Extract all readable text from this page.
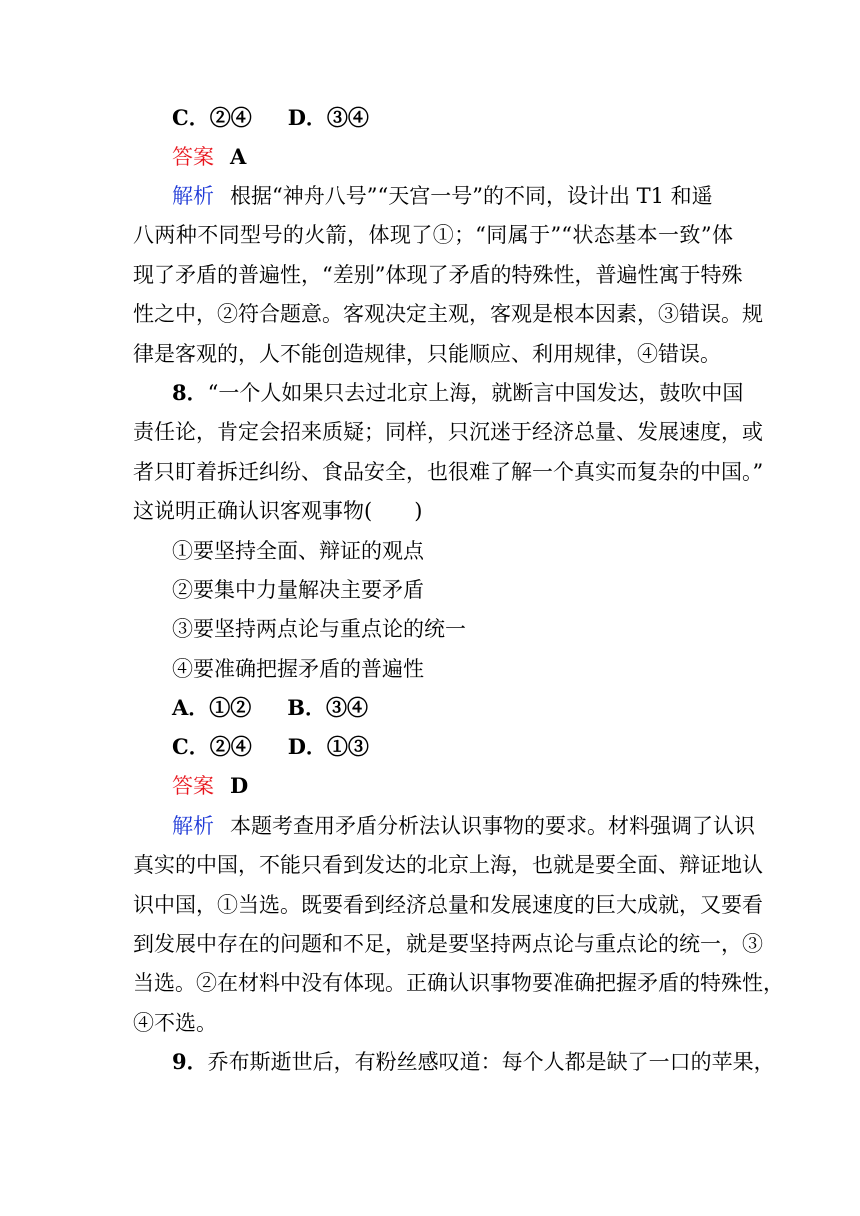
C．②④ D．③④
答案 A
解析 根据“神舟八号”“天宫一号”的不同，设计出 T1 和遥
八两种不同型号的火箭，体现了①；“同属于”“状态基本一致”体
现了矛盾的普遍性，“差别”体现了矛盾的特殊性，普遍性寓于特殊
性之中，②符合题意。客观决定主观，客观是根本因素，③错误。规
律是客观的，人不能创造规律，只能顺应、利用规律，④错误。
8．“一个人如果只去过北京上海，就断言中国发达，鼓吹中国
责任论，肯定会招来质疑；同样，只沉迷于经济总量、发展速度，或
者只盯着拆迁纠纷、食品安全，也很难了解一个真实而复杂的中国。”
这说明正确认识客观事物(　　)
①要坚持全面、辩证的观点
②要集中力量解决主要矛盾
③要坚持两点论与重点论的统一
④要准确把握矛盾的普遍性
A．①② B．③④
C．②④ D．①③
答案 D
解析 本题考查用矛盾分析法认识事物的要求。材料强调了认识
真实的中国，不能只看到发达的北京上海，也就是要全面、辩证地认
识中国，①当选。既要看到经济总量和发展速度的巨大成就，又要看
到发展中存在的问题和不足，就是要坚持两点论与重点论的统一，③
当选。②在材料中没有体现。正确认识事物要准确把握矛盾的特殊性，
④不选。
9．乔布斯逝世后，有粉丝感叹道：每个人都是缺了一口的苹果，
